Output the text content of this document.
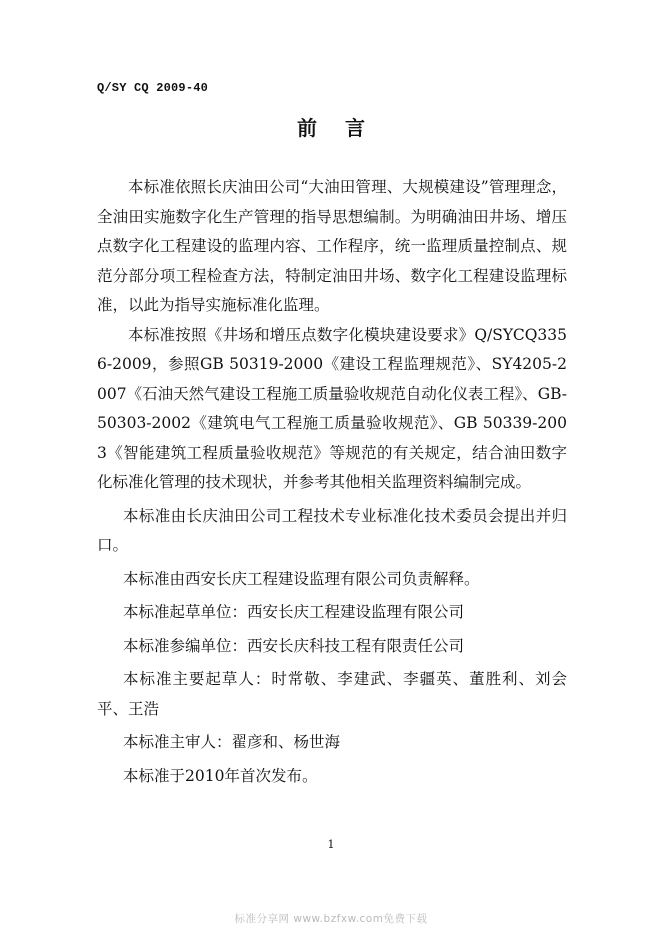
Q/SY CQ 2009-40
前言

本标准依照长庆油田公司“大油田管理、大规模建设”管理理念，全油田实施数字化生产管理的指导思想编制。为明确油田井场、增压点数字化工程建设的监理内容、工作程序，统一监理质量控制点、规范分部分项工程检查方法，特制定油田井场、数字化工程建设监理标准，以此为指导实施标准化监理。

本标准按照《井场和增压点数字化模块建设要求》Q/SYCQ3356-2009，参照GB 50319-2000《建设工程监理规范》、SY4205-2007《石油天然气建设工程施工质量验收规范自动化仪表工程》、GB-50303-2002《建筑电气工程施工质量验收规范》、GB 50339-2003《智能建筑工程质量验收规范》等规范的有关规定，结合油田数字化标准化管理的技术现状，并参考其他相关监理资料编制完成。

本标准由长庆油田公司工程技术专业标准化技术委员会提出并归口。

本标准由西安长庆工程建设监理有限公司负责解释。

本标准起草单位：西安长庆工程建设监理有限公司

本标准参编单位：西安长庆科技工程有限责任公司

本标准主要起草人：时常敬、李建武、李疆英、董胜利、刘会平、王浩

本标准主审人：翟彦和、杨世海

本标准于2010年首次发布。

1
标准分享网 www.bzfxw.com免费下载
